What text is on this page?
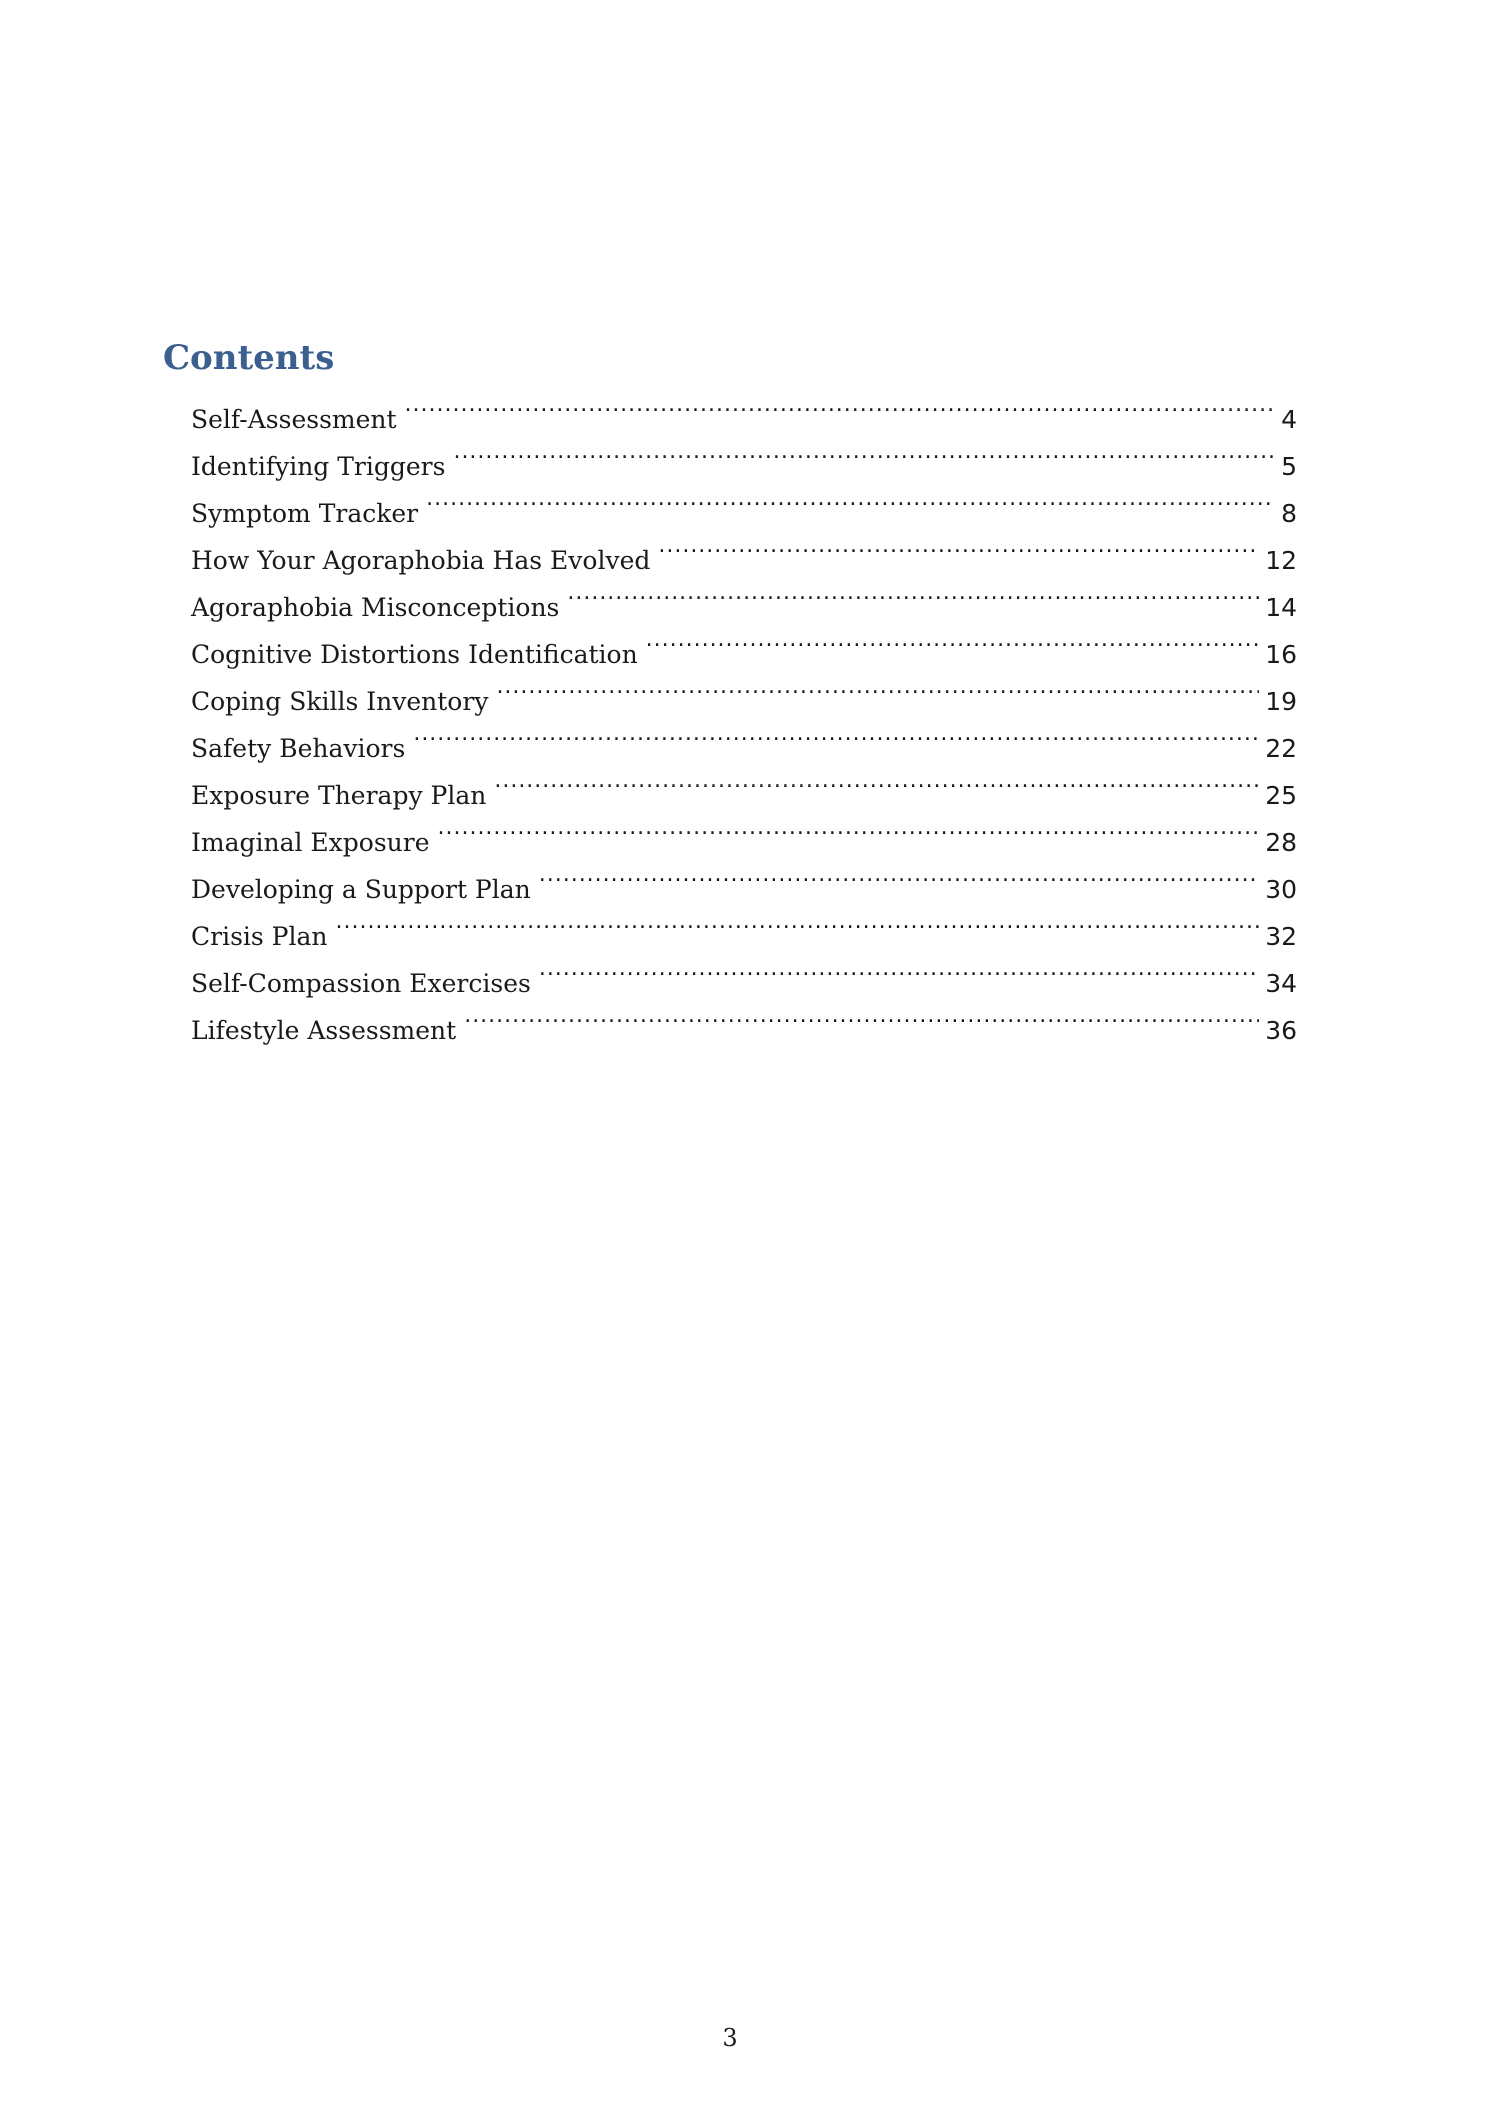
Contents
Self-Assessment . . .	4
Identifying Triggers . . .	5
Symptom Tracker . . .	8
How Your Agoraphobia Has Evolved . . .	12
Agoraphobia Misconceptions . . .	14
Cognitive Distortions Identification . . .	16
Coping Skills Inventory . . .	19
Safety Behaviors . . .	22
Exposure Therapy Plan . . .	25
Imaginal Exposure . . .	28
Developing a Support Plan . . .	30
Crisis Plan . . .	32
Self-Compassion Exercises . . .	34
Lifestyle Assessment . . .	36
3
